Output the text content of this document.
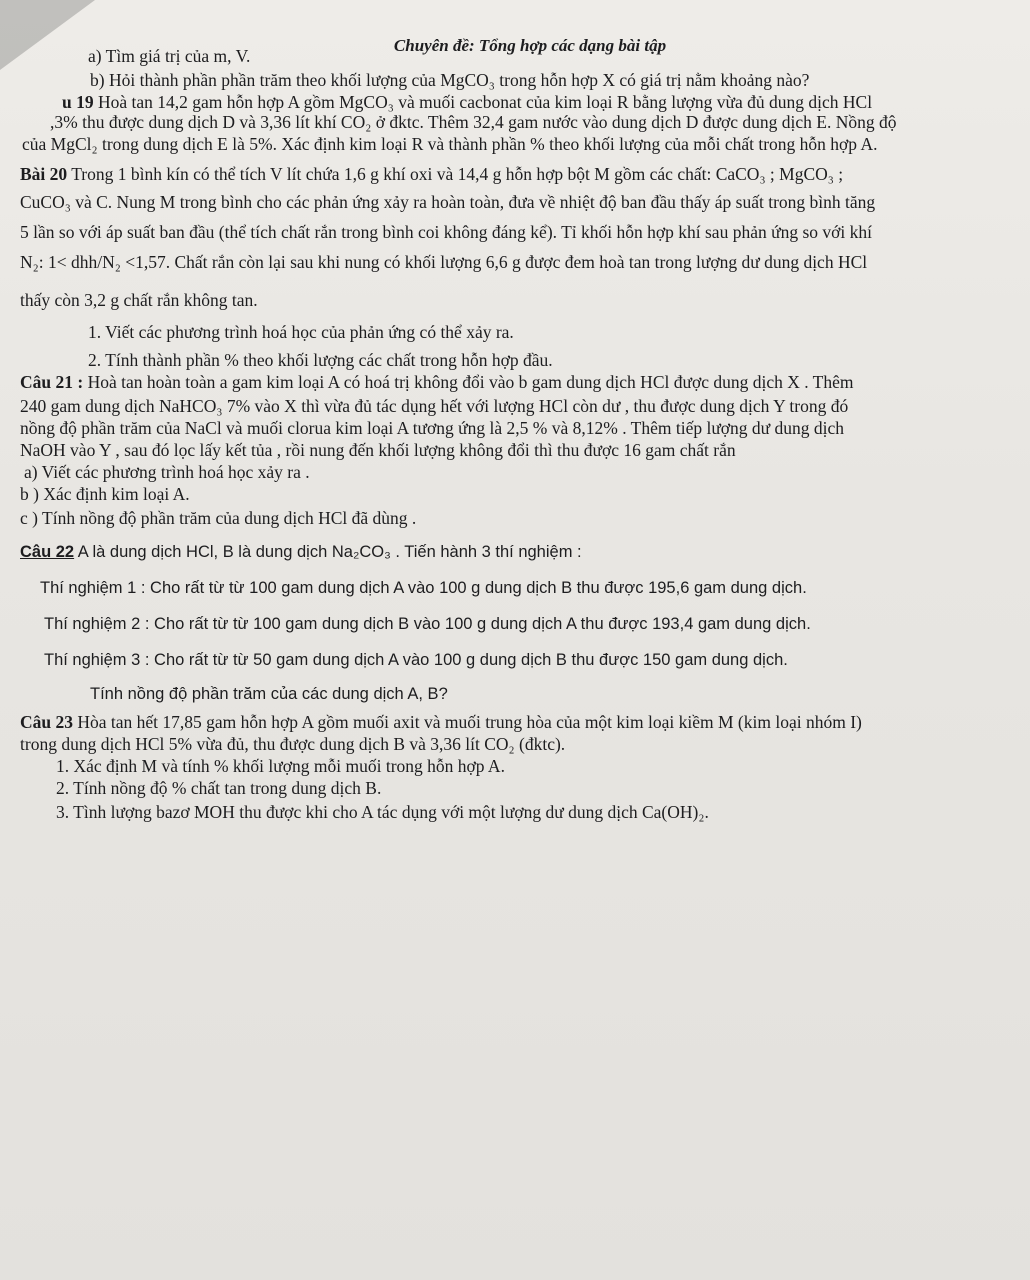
Chuyên đề: Tổng hợp các dạng bài tập
a) Tìm giá trị của m, V.
b) Hỏi thành phần phần trăm theo khối lượng của MgCO₃ trong hỗn hợp X có giá trị nằm khoảng nào?
u 19 Hoà tan 14,2 gam hỗn hợp A gồm MgCO₃ và muối cacbonat của kim loại R bằng lượng vừa đủ dung dịch HCl
,3% thu được dung dịch D và 3,36 lít khí CO₂ ở đktc. Thêm 32,4 gam nước vào dung dịch D được dung dịch E. Nồng độ
của MgCl₂ trong dung dịch E là 5%. Xác định kim loại R và thành phần % theo khối lượng của mỗi chất trong hỗn hợp A.
Bài 20 Trong 1 bình kín có thể tích V lít chứa 1,6 g khí oxi và 14,4 g hỗn hợp bột M gồm các chất: CaCO₃ ; MgCO₃ ;
CuCO₃ và C. Nung M trong bình cho các phản ứng xảy ra hoàn toàn, đưa về nhiệt độ ban đầu thấy áp suất trong bình tăng
5 lần so với áp suất ban đầu (thể tích chất rắn trong bình coi không đáng kể). Tỉ khối hỗn hợp khí sau phản ứng so với khí
N₂: 1< dhh/N₂ <1,57. Chất rắn còn lại sau khi nung có khối lượng 6,6 g được đem hoà tan trong lượng dư dung dịch HCl
thấy còn 3,2 g chất rắn không tan.
1. Viết các phương trình hoá học của phản ứng có thể xảy ra.
2. Tính thành phần % theo khối lượng các chất trong hỗn hợp đầu.
Câu 21 : Hoà tan hoàn toàn a gam kim loại A có hoá trị không đổi vào b gam dung dịch HCl được dung dịch X . Thêm
240 gam dung dịch NaHCO₃ 7% vào X thì vừa đủ tác dụng hết với lượng HCl còn dư , thu được dung dịch Y trong đó
nồng độ phần trăm của NaCl và muối clorua kim loại A tương ứng là 2,5 % và 8,12% . Thêm tiếp lượng dư dung dịch
NaOH vào Y , sau đó lọc lấy kết tủa , rồi nung đến khối lượng không đổi thì thu được 16 gam chất rắn
a) Viết các phương trình hoá học xảy ra .
b ) Xác định kim loại A.
c ) Tính nồng độ phần trăm của dung dịch HCl đã dùng .
Câu 22 A là dung dịch HCl, B là dung dịch Na₂CO₃ . Tiến hành 3 thí nghiệm :
Thí nghiệm 1 : Cho rất từ từ 100 gam dung dịch A vào 100 g dung dịch B thu được 195,6 gam dung dịch.
Thí nghiệm 2 : Cho rất từ từ 100 gam dung dịch B vào 100 g dung dịch A thu được 193,4 gam dung dịch.
Thí nghiệm 3 : Cho rất từ từ 50 gam dung dịch A vào 100 g dung dịch B thu được 150 gam dung dịch.
Tính nồng độ phần trăm của các dung dịch A, B?
Câu 23 Hòa tan hết 17,85 gam hỗn hợp A gồm muối axit và muối trung hòa của một kim loại kiềm M (kim loại nhóm I)
trong dung dịch HCl 5% vừa đủ, thu được dung dịch B và 3,36 lít CO₂ (đktc).
1. Xác định M và tính % khối lượng mỗi muối trong hỗn hợp A.
2. Tính nồng độ % chất tan trong dung dịch B.
3. Tình lượng bazơ MOH thu được khi cho A tác dụng với một lượng dư dung dịch Ca(OH)₂.
